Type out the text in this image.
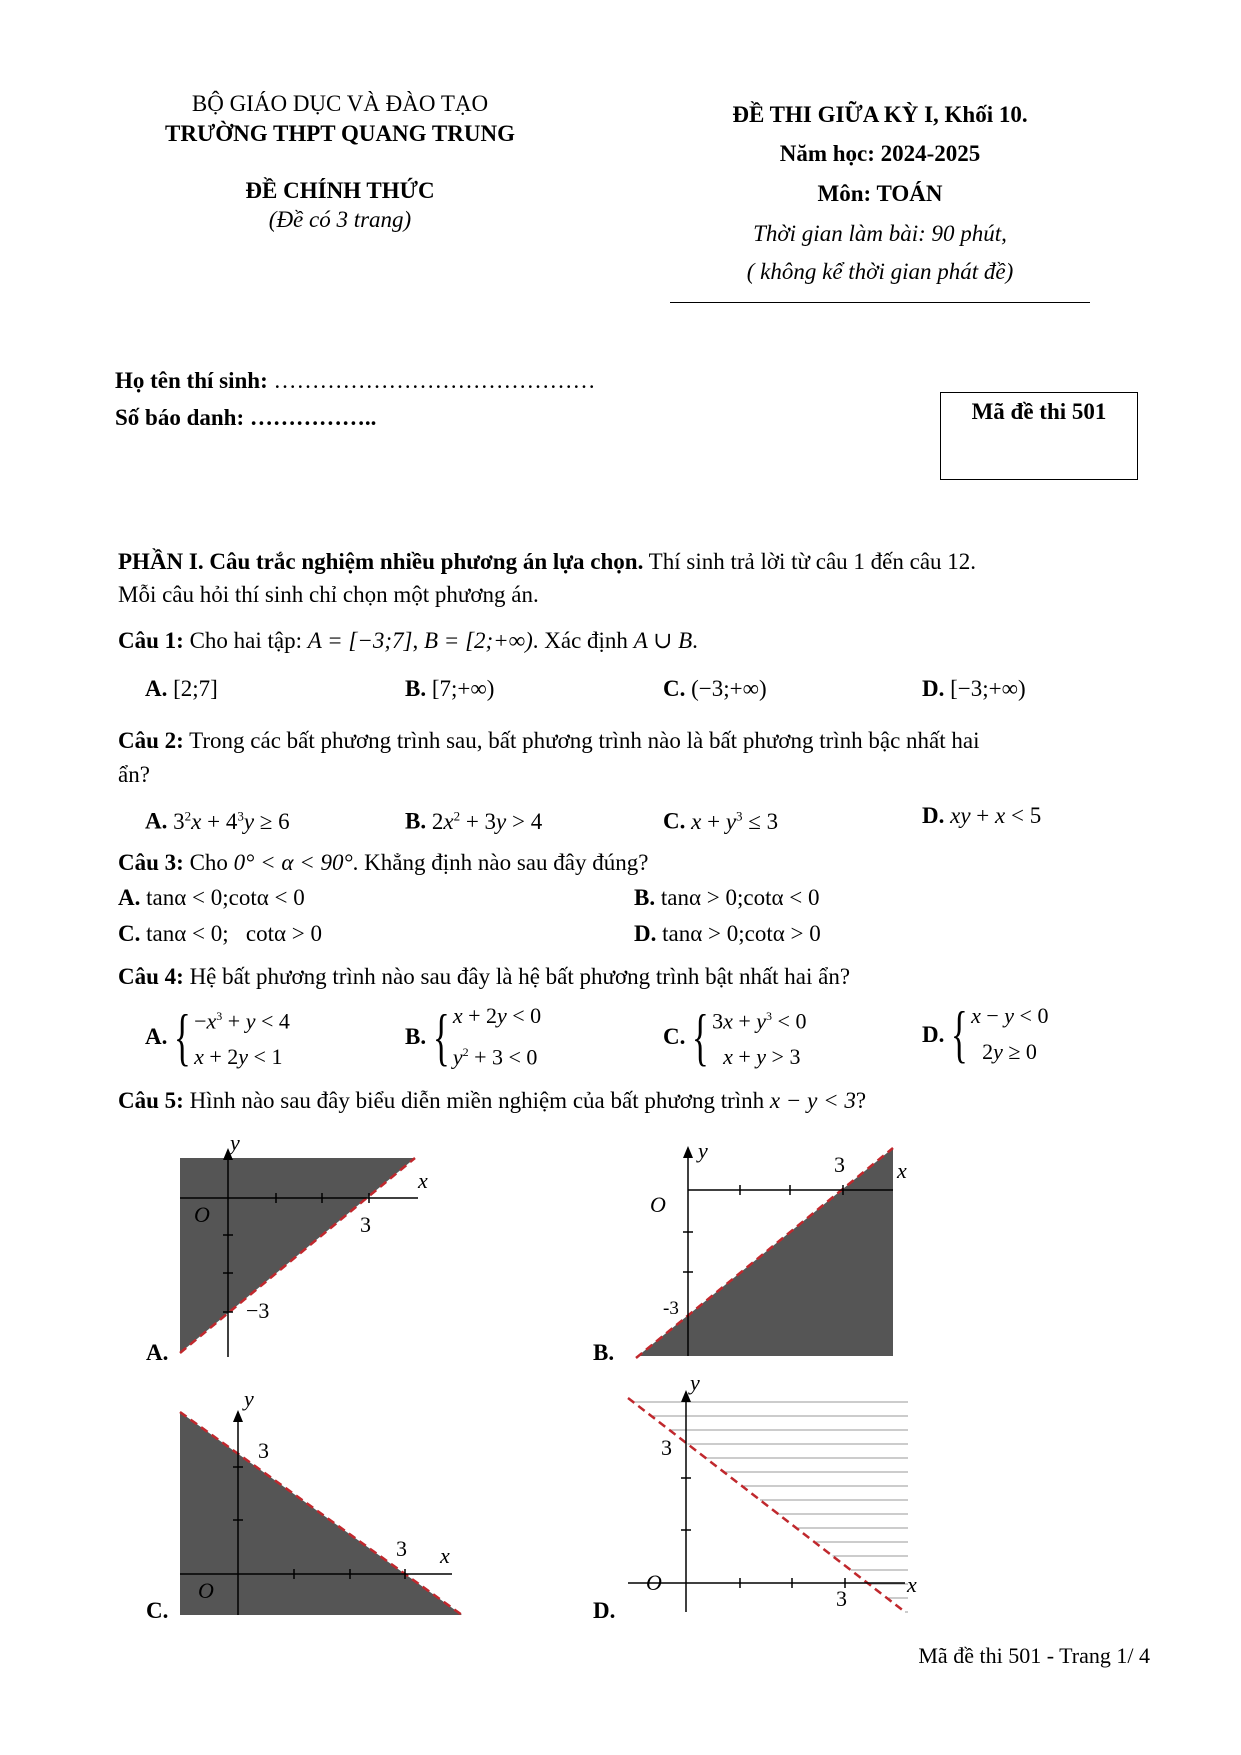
BỘ GIÁO DỤC VÀ ĐÀO TẠO
TRƯỜNG THPT QUANG TRUNG
ĐỀ CHÍNH THỨC
(Đề có 3 trang)
ĐỀ THI GIỮA KỲ I, Khối 10.
Năm học: 2024-2025
Môn: TOÁN
Thời gian làm bài: 90 phút,
( không kể thời gian phát đề)
Họ tên thí sinh: ……………………………………
Số báo danh: ……………..	Mã đề thi 501
PHẦN I. Câu trắc nghiệm nhiều phương án lựa chọn. Thí sinh trả lời từ câu 1 đến câu 12.
Mỗi câu hỏi thí sinh chỉ chọn một phương án.
Câu 1: Cho hai tập: A = [−3;7], B = [2;+∞). Xác định A ∪ B.
A. [2;7]	B. [7;+∞)	C. (−3;+∞)	D. [−3;+∞)
Câu 2: Trong các bất phương trình sau, bất phương trình nào là bất phương trình bậc nhất hai
ẩn?
A. $3^2x + 4^3y \ge 6$	B. $2x^2 + 3y > 4$	C. $x + y^3 \le 3$	D. xy + x < 5
Câu 3: Cho 0° < α < 90°. Khẳng định nào sau đây đúng?
A. tanα < 0;cotα < 0	B. tanα > 0;cotα < 0
C. tanα < 0;   cotα > 0	D. tanα > 0;cotα > 0
Câu 4: Hệ bất phương trình nào sau đây là hệ bất phương trình bật nhất hai ẩn?
A. { $-x^3 + y < 4$
x + 2y < 1
B. { x + 2y < 0
$y^2 + 3 < 0$
C. { $3x + y^3 < 0$
x + y > 3
D. { x − y < 0
2y ≥ 0
Câu 5: Hình nào sau đây biểu diễn miền nghiệm của bất phương trình x − y < 3?
y
x
O	3
−3
A.
y
x
O
3
-3
B.
y
x
O
3
3
C.
y
x
O
3
3
D.
Mã đề thi 501 - Trang 1/ 4
